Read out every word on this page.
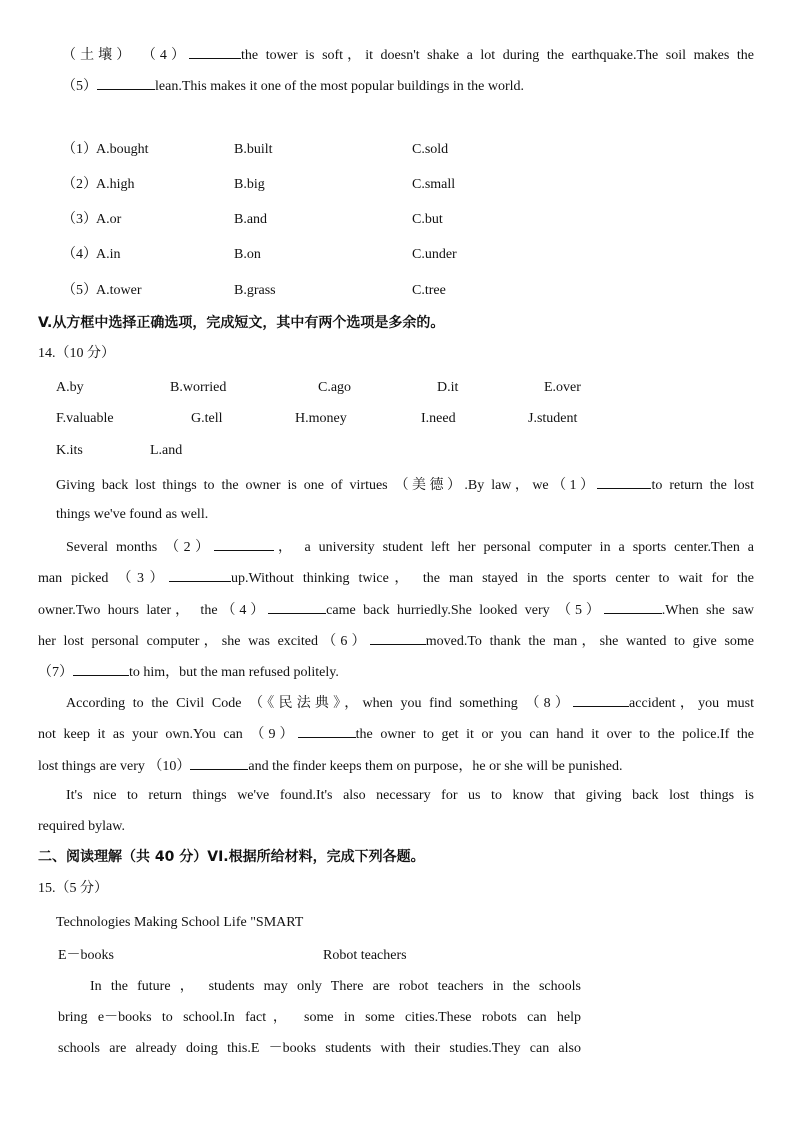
（土壤） （4）	the tower is soft，it doesn't shake a lot during the earthquake.The soil makes the
（5）	lean.This makes it one of the most popular buildings in the world.
（1） A.bought	B.built	C.sold
（2） A.high	B.big	C.small
（3） A.or	B.and	C.but
（4） A.in	B.on	C.under
（5） A.tower	B.grass	C.tree
V.从方框中选择正确选项，完成短文，其中有两个选项是多余的。
14.（10 分）
A.by	B.worried	C.ago	D.it	E.over
F.valuable	G.tell	H.money	I.need	J.student
K.its	L.and
Giving back lost things to the owner is one of virtues （美德）.By law，we（1）	to return the lost
things we've found as well.
Several months （2）	， a university student left her personal computer in a sports center.Then a
man picked （3）	up.Without thinking twice， the man stayed in the sports center to wait for the
owner.Two hours later， the（4）	came back hurriedly.She looked very （5）	.When she saw
her lost personal computer，she was excited（6）	moved.To thank the man，she wanted to give some
（7）	to him，but the man refused politely.
According to the Civil Code （《民法典》，when you find something （8）	accident，you must
not keep it as your own.You can （9）	the owner to get it or you can hand it over to the police.If the
lost things are very （10）	and the finder keeps them on purpose，he or she will be punished.
It's nice to return things we've found.It's also necessary for us to know that giving back lost things is
required bylaw.
二、阅读理解（共 40 分）VI.根据所给材料，完成下列各题。
15.（5 分）
Technologies Making School Life "SMART
E－books	Robot teachers
In the future ， students may only There are robot teachers in the schools
bring e－books to school.In fact， some in some cities.These robots can help
schools are already doing this.E －books students with their studies.They can also
